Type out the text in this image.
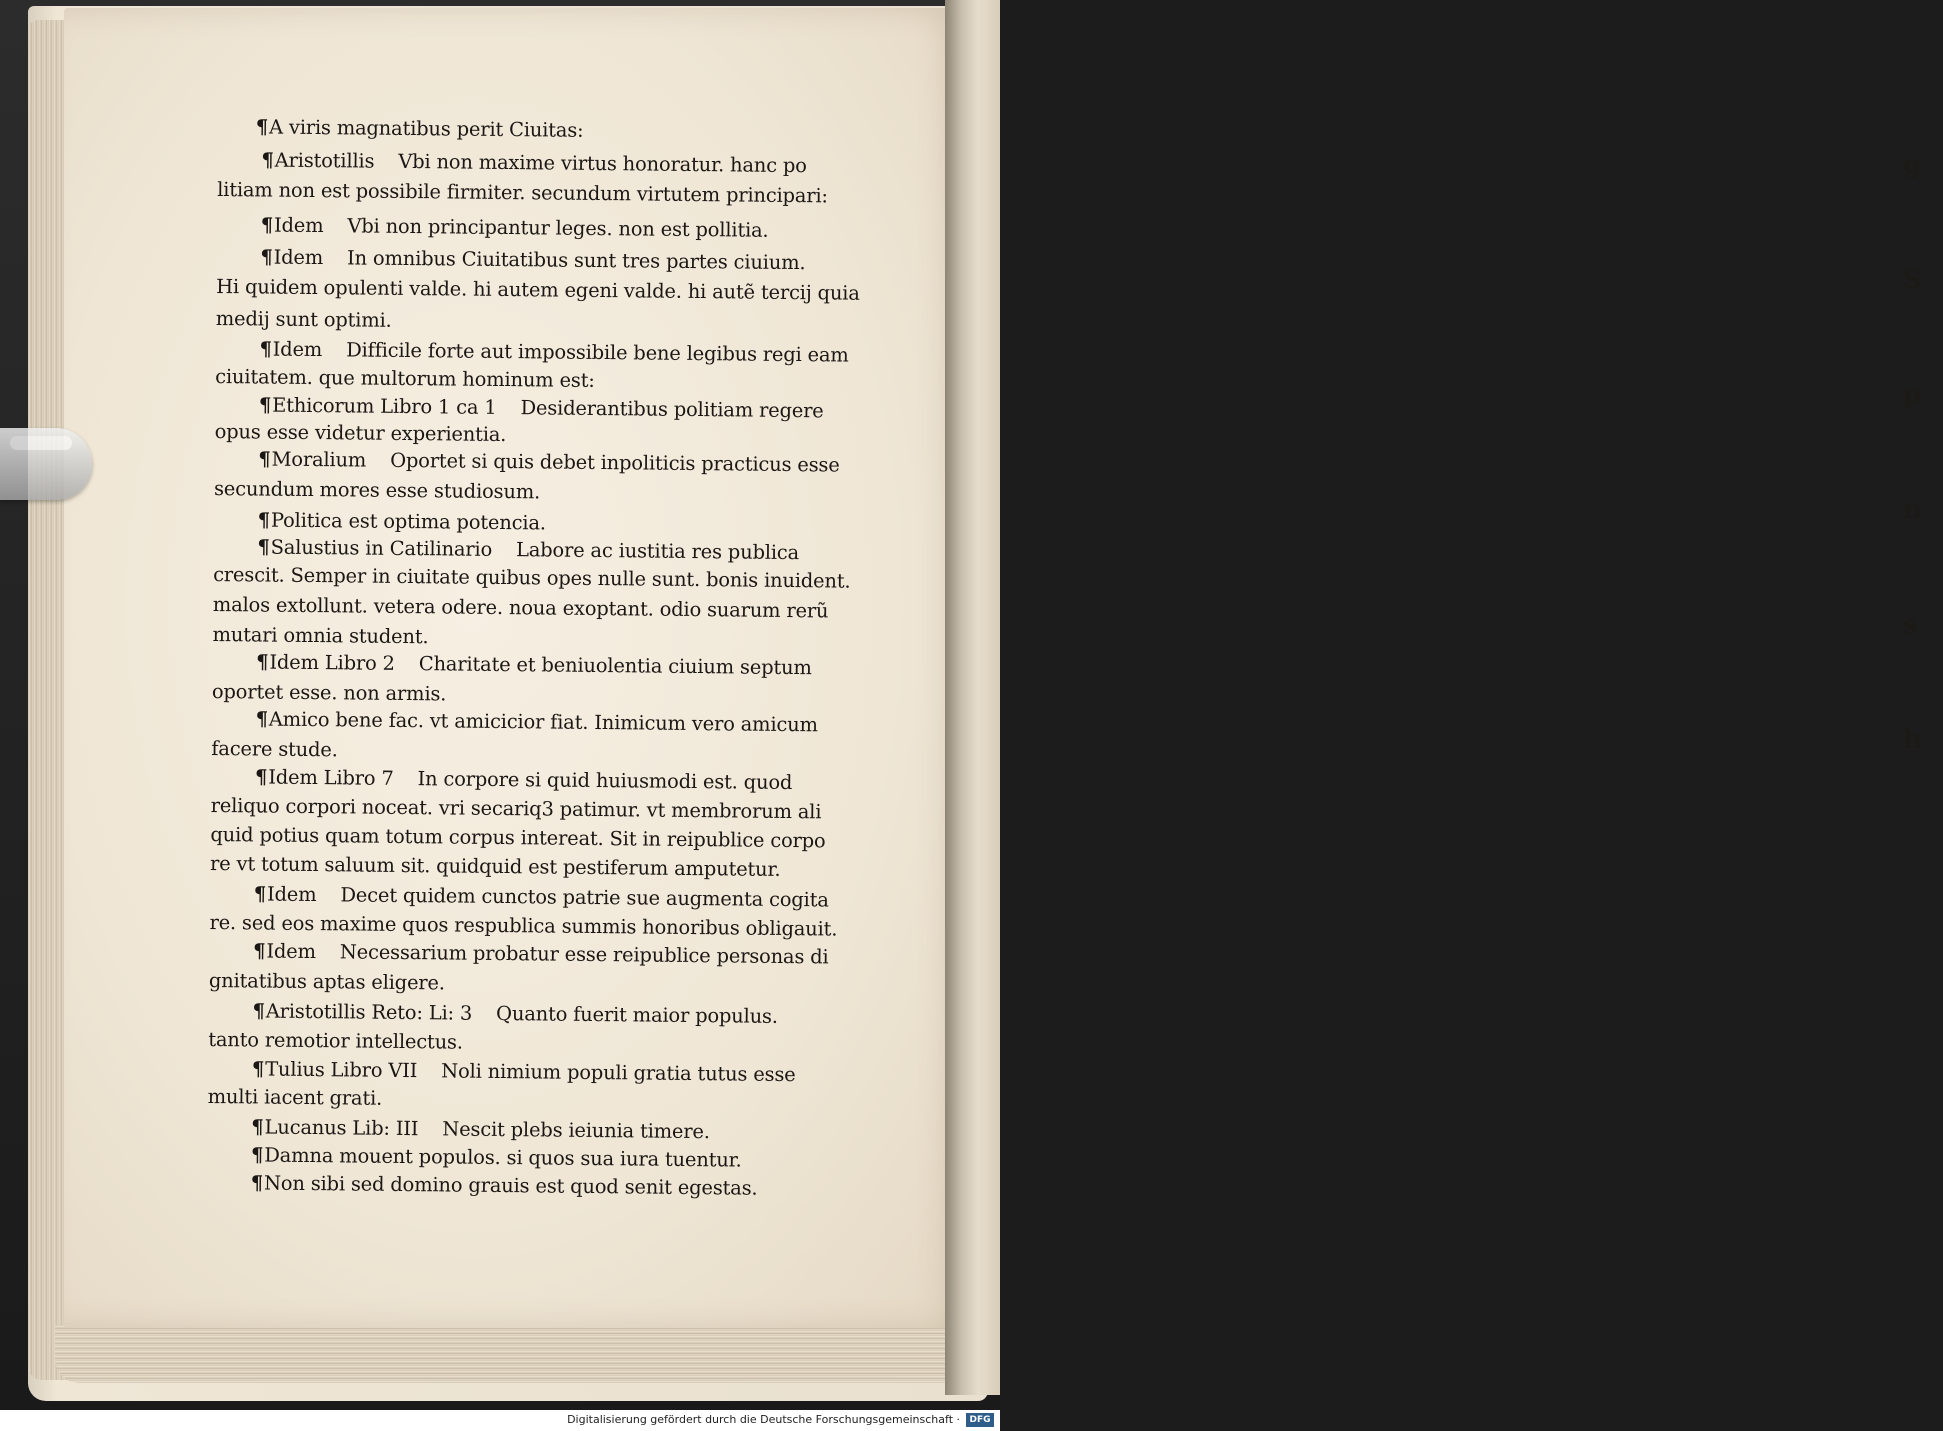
g
S
p
n
s
h
¶A viris magnatibus perit Ciuitas:
¶Aristotillis    Vbi non maxime virtus honoratur. hanc po
litiam non est possibile firmiter. secundum virtutem principari:
¶Idem    Vbi non principantur leges. non est pollitia.
¶Idem    In omnibus Ciuitatibus sunt tres partes ciuium.
Hi quidem opulenti valde. hi autem egeni valde. hi autẽ tercij quia
medij sunt optimi.
¶Idem    Difficile forte aut impossibile bene legibus regi eam
ciuitatem. que multorum hominum est:
¶Ethicorum Libro 1 ca 1    Desiderantibus politiam regere
opus esse videtur experientia.
¶Moralium    Oportet si quis debet inpoliticis practicus esse
secundum mores esse studiosum.
¶Politica est optima potencia.
¶Salustius in Catilinario    Labore ac iustitia res publica
crescit. Semper in ciuitate quibus opes nulle sunt. bonis inuident.
malos extollunt. vetera odere. noua exoptant. odio suarum rerũ
mutari omnia student.
¶Idem Libro 2    Charitate et beniuolentia ciuium septum
oportet esse. non armis.
¶Amico bene fac. vt amicicior fiat. Inimicum vero amicum
facere stude.
¶Idem Libro 7    In corpore si quid huiusmodi est. quod
reliquo corpori noceat. vri secariq3 patimur. vt membrorum ali
quid potius quam totum corpus intereat. Sit in reipublice corpo
re vt totum saluum sit. quidquid est pestiferum amputetur.
¶Idem    Decet quidem cunctos patrie sue augmenta cogita
re. sed eos maxime quos respublica summis honoribus obligauit.
¶Idem    Necessarium probatur esse reipublice personas di
gnitatibus aptas eligere.
¶Aristotillis Reto: Li: 3    Quanto fuerit maior populus.
tanto remotior intellectus.
¶Tulius Libro VII    Noli nimium populi gratia tutus esse
multi iacent grati.
¶Lucanus Lib: III    Nescit plebs ieiunia timere.
¶Damna mouent populos. si quos sua iura tuentur.
¶Non sibi sed domino grauis est quod senit egestas.
Digitalisierung gefördert durch die Deutsche Forschungsgemeinschaft ·	DFG
